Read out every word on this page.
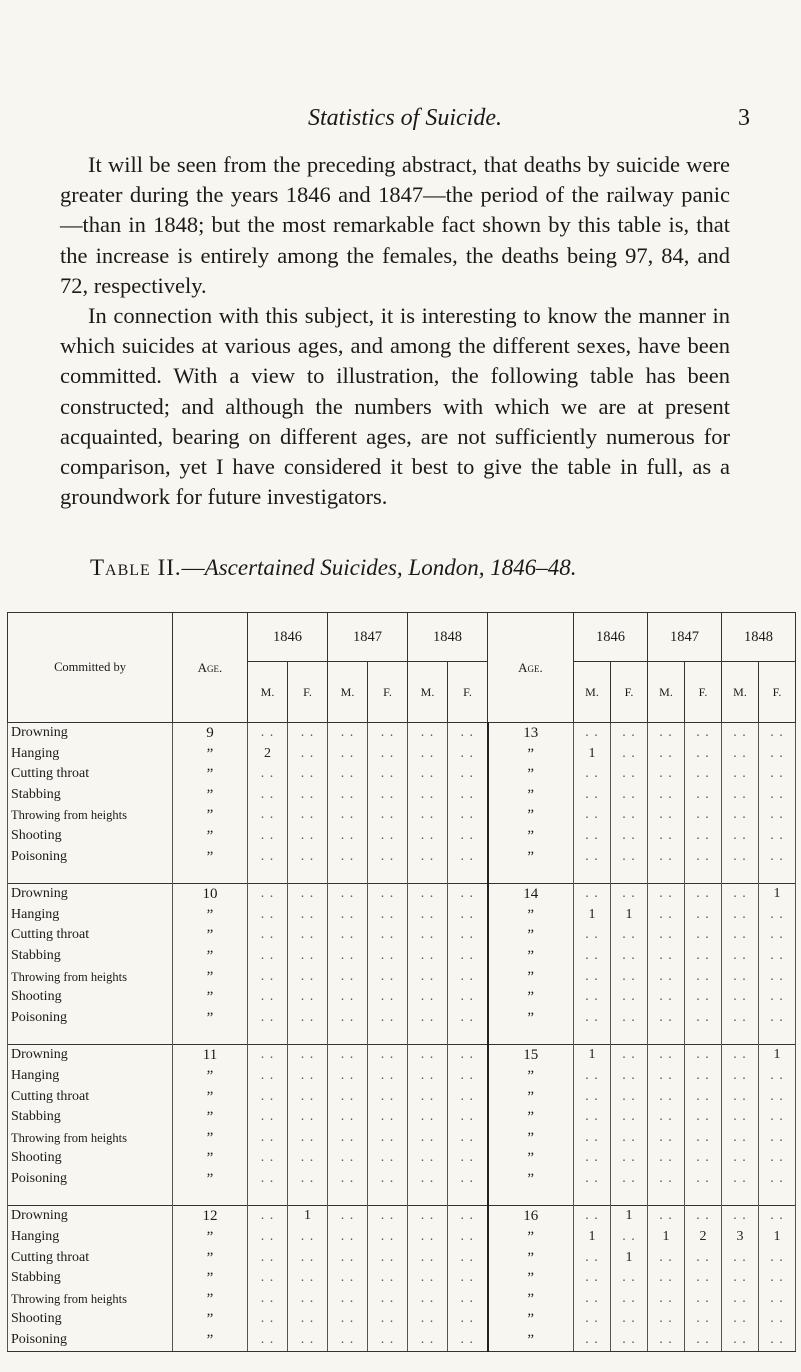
Statistics of Suicide.	3

It will be seen from the preceding abstract, that deaths by suicide were greater during the years 1846 and 1847—the period of the railway panic—than in 1848; but the most remarkable fact shown by this table is, that the increase is entirely among the females, the deaths being 97, 84, and 72, respectively.

In connection with this subject, it is interesting to know the manner in which suicides at various ages, and among the different sexes, have been committed. With a view to illustration, the following table has been constructed; and although the numbers with which we are at present acquainted, bearing on different ages, are not sufficiently numerous for comparison, yet I have considered it best to give the table in full, as a groundwork for future investigators.

Table II.—Ascertained Suicides, London, 1846–48.
Committed by	Age.	1846		1847		1848		Age.	1846		1847		1848	
		M.	F.	M.	F.	M.	F.		M.	F.	M.	F.	M.	F.
Drowning	9	. .	. .	. .	. .	. .	. .	13	. .	. .	. .	. .	. .	. .
Hanging	”	2	. .	. .	. .	. .	. .	”	1	. .	. .	. .	. .	. .
Cutting throat	”	. .	. .	. .	. .	. .	. .	”	. .	. .	. .	. .	. .	. .
Stabbing	”	. .	. .	. .	. .	. .	. .	”	. .	. .	. .	. .	. .	. .
Throwing from heights	”	. .	. .	. .	. .	. .	. .	”	. .	. .	. .	. .	. .	. .
Shooting	”	. .	. .	. .	. .	. .	. .	”	. .	. .	. .	. .	. .	. .
Poisoning	”	. .	. .	. .	. .	. .	. .	”	. .	. .	. .	. .	. .	. .

Drowning	10	. .	. .	. .	. .	. .	. .	14	. .	. .	. .	. .	. .	1
Hanging	”	. .	. .	. .	. .	. .	. .	”	1	1	. .	. .	. .	. .
Cutting throat	”	. .	. .	. .	. .	. .	. .	”	. .	. .	. .	. .	. .	. .
Stabbing	”	. .	. .	. .	. .	. .	. .	”	. .	. .	. .	. .	. .	. .
Throwing from heights	”	. .	. .	. .	. .	. .	. .	”	. .	. .	. .	. .	. .	. .
Shooting	”	. .	. .	. .	. .	. .	. .	”	. .	. .	. .	. .	. .	. .
Poisoning	”	. .	. .	. .	. .	. .	. .	”	. .	. .	. .	. .	. .	. .

Drowning	11	. .	. .	. .	. .	. .	. .	15	1	. .	. .	. .	. .	1
Hanging	”	. .	. .	. .	. .	. .	. .	”	. .	. .	. .	. .	. .	. .
Cutting throat	”	. .	. .	. .	. .	. .	. .	”	. .	. .	. .	. .	. .	. .
Stabbing	”	. .	. .	. .	. .	. .	. .	”	. .	. .	. .	. .	. .	. .
Throwing from heights	”	. .	. .	. .	. .	. .	. .	”	. .	. .	. .	. .	. .	. .
Shooting	”	. .	. .	. .	. .	. .	. .	”	. .	. .	. .	. .	. .	. .
Poisoning	”	. .	. .	. .	. .	. .	. .	”	. .	. .	. .	. .	. .	. .

Drowning	12	. .	1	. .	. .	. .	. .	16	. .	1	. .	. .	. .	. .
Hanging	”	. .	. .	. .	. .	. .	. .	”	1	. .	1	2	3	1
Cutting throat	”	. .	. .	. .	. .	. .	. .	”	. .	1	. .	. .	. .	. .
Stabbing	”	. .	. .	. .	. .	. .	. .	”	. .	. .	. .	. .	. .	. .
Throwing from heights	”	. .	. .	. .	. .	. .	. .	”	. .	. .	. .	. .	. .	. .
Shooting	”	. .	. .	. .	. .	. .	. .	”	. .	. .	. .	. .	. .	. .
Poisoning	”	. .	. .	. .	. .	. .	. .	”	. .	. .	. .	. .	. .	. .
